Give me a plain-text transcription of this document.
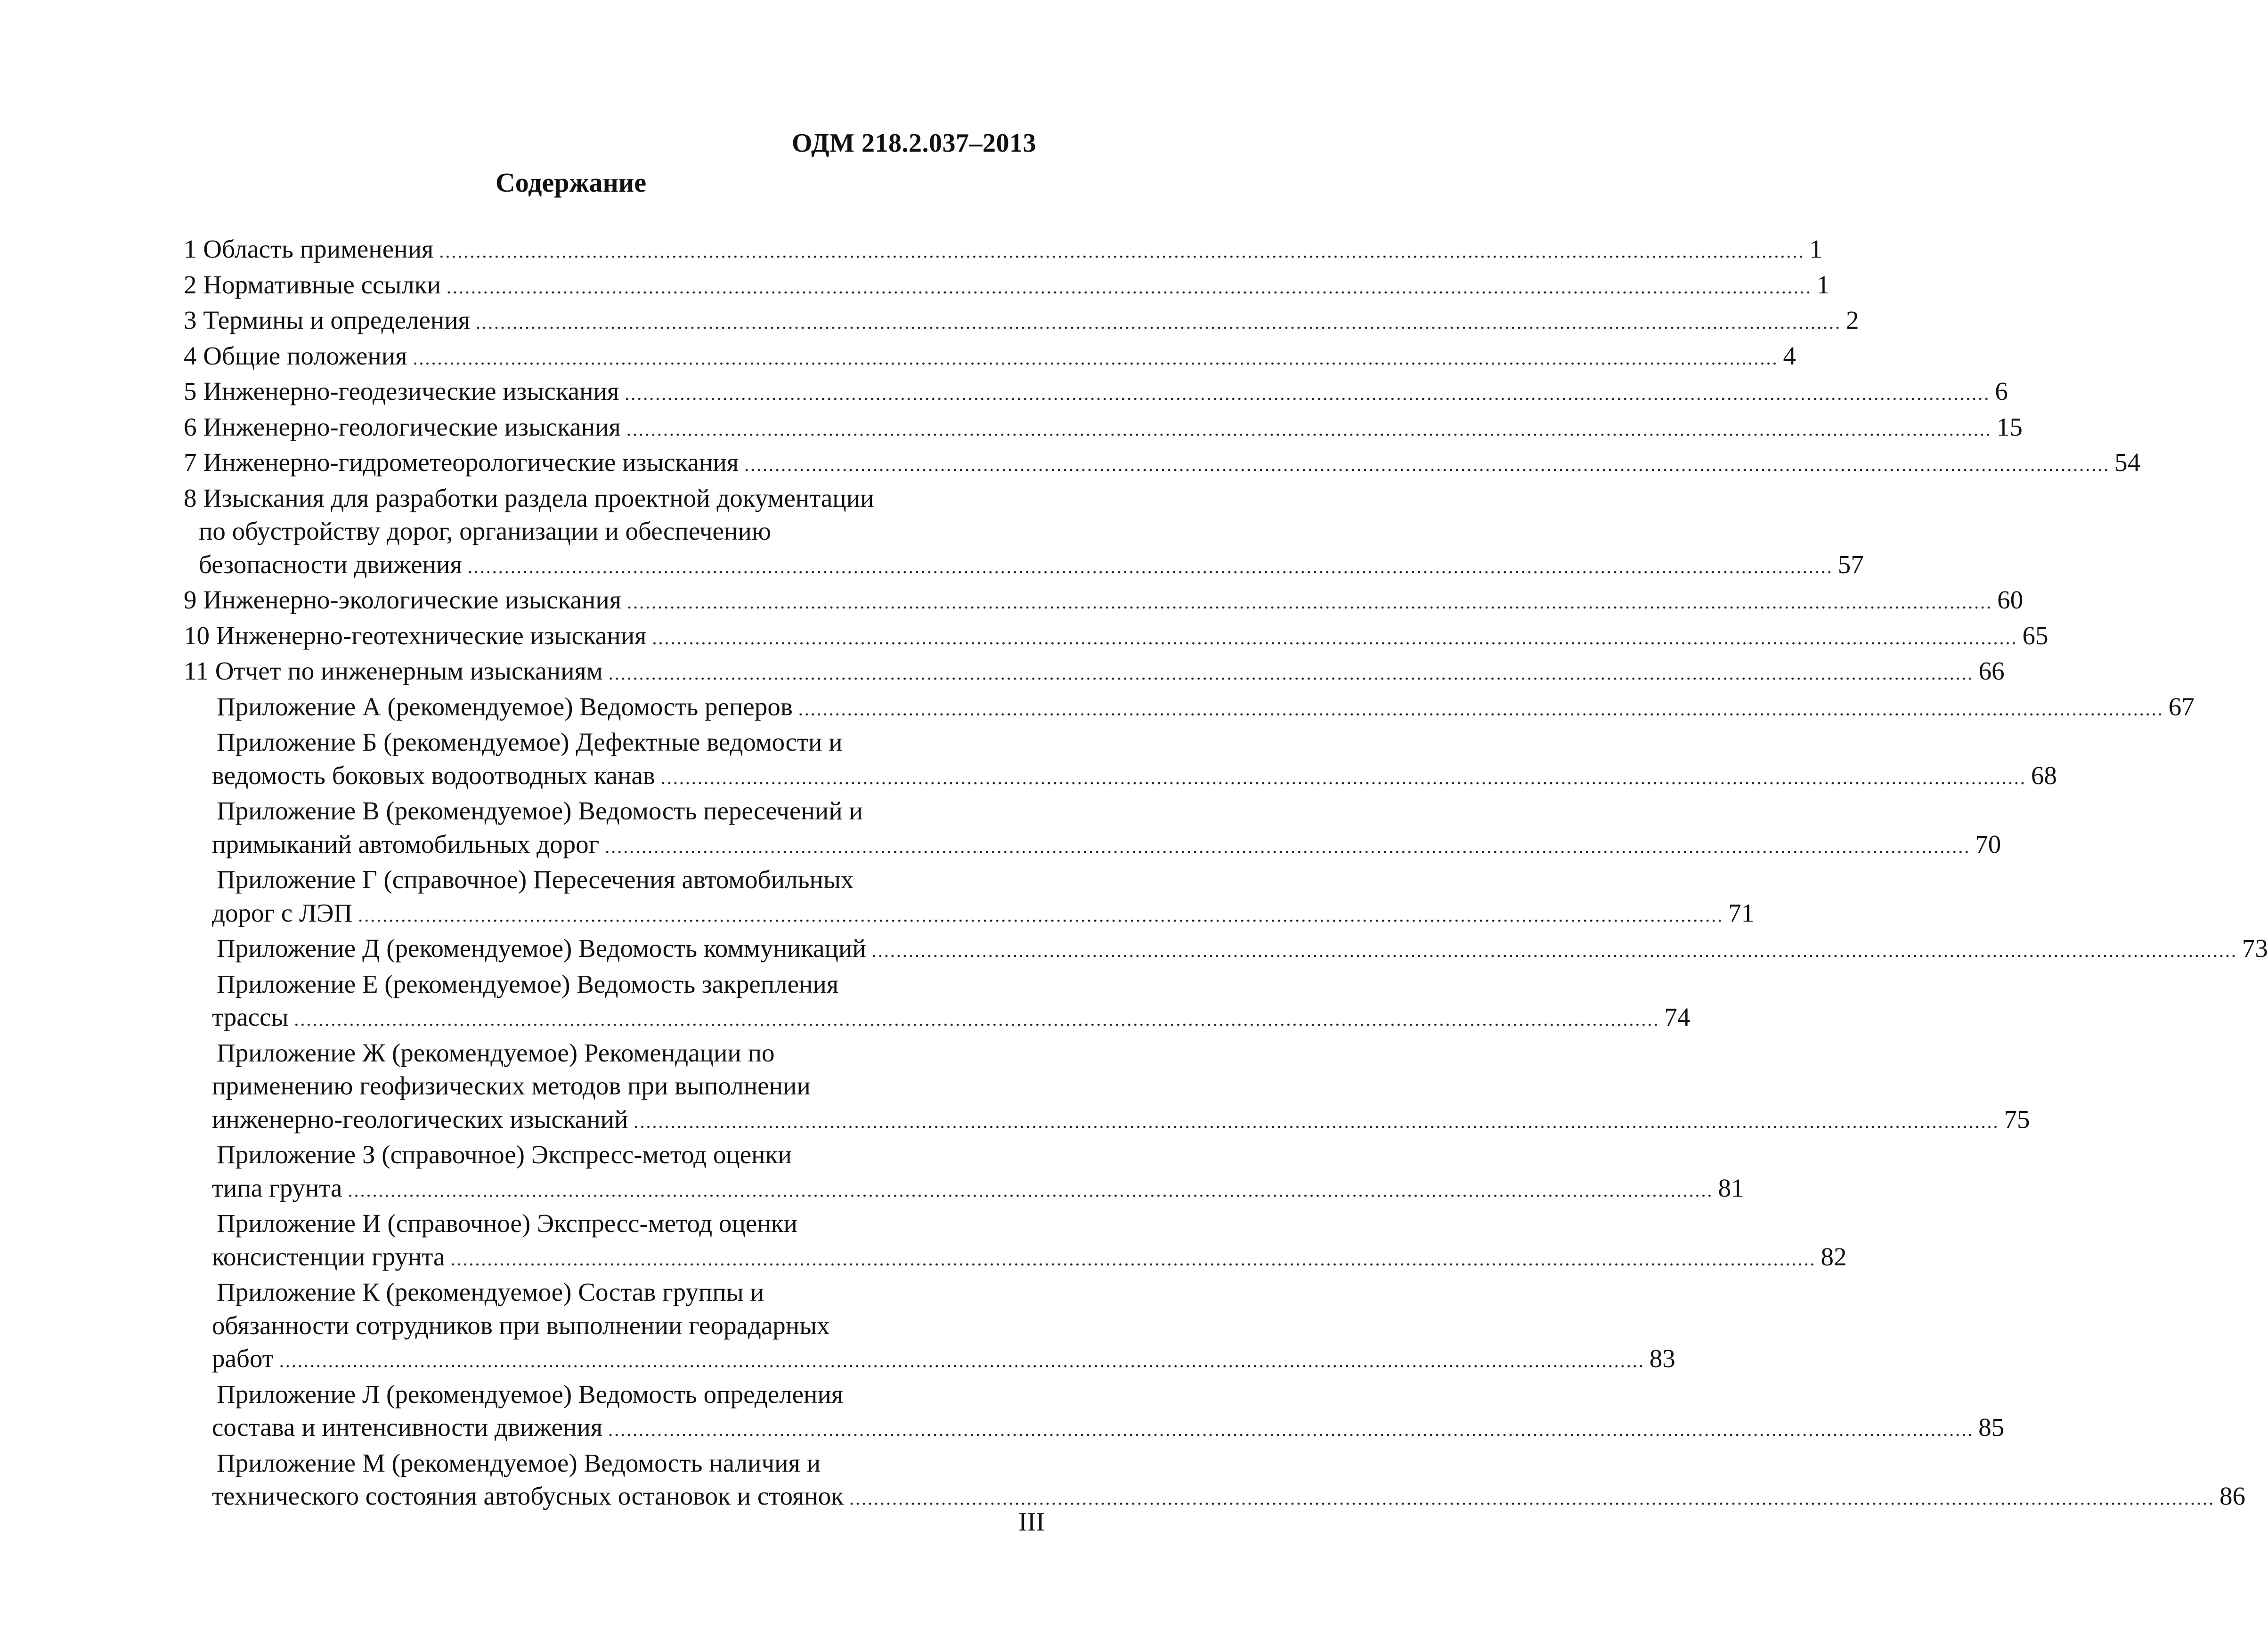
ОДМ 218.2.037–2013

Содержание
1 Область применения .....	1
2 Нормативные ссылки .....	1
3 Термины и определения .....	2
4 Общие положения .....	4
5 Инженерно-геодезические изыскания .....	6
6 Инженерно-геологические изыскания .....	15
7 Инженерно-гидрометеорологические изыскания .....	54
8 Изыскания для разработки раздела проектной документации
по обустройству дорог, организации и обеспечению
безопасности движения .....	57
9 Инженерно-экологические изыскания .....	60
10 Инженерно-геотехнические изыскания .....	65
11 Отчет по инженерным изысканиям .....	66
Приложение А (рекомендуемое) Ведомость реперов .....	67
Приложение Б (рекомендуемое) Дефектные ведомости и
ведомость боковых водоотводных канав .....	68
Приложение В (рекомендуемое) Ведомость пересечений и
примыканий автомобильных дорог .....	70
Приложение Г (справочное) Пересечения автомобильных
дорог с ЛЭП .....	71
Приложение Д (рекомендуемое) Ведомость коммуникаций .....	73
Приложение Е (рекомендуемое) Ведомость закрепления
трассы .....	74
Приложение Ж (рекомендуемое) Рекомендации по
применению геофизических методов при выполнении
инженерно-геологических изысканий .....	75
Приложение З (справочное) Экспресс-метод оценки
типа грунта .....	81
Приложение И (справочное) Экспресс-метод оценки
консистенции грунта .....	82
Приложение К (рекомендуемое) Состав группы и
обязанности сотрудников при выполнении георадарных
работ .....	83
Приложение Л (рекомендуемое) Ведомость определения
состава и интенсивности движения .....	85
Приложение М (рекомендуемое) Ведомость наличия и
технического состояния автобусных остановок и стоянок .....	86

III
